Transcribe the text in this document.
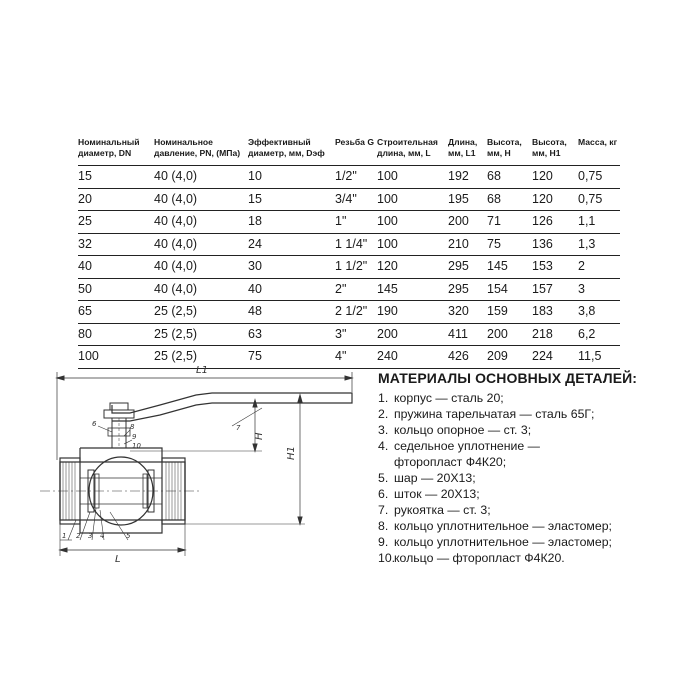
Номинальный диаметр, DN	Номинальное давление, PN, (МПа)	Эффективный диаметр, мм, Dэф	Резьба G	Строительная длина, мм, L	Длина, мм, L1	Высота, мм, H	Высота, мм, H1	Масса, кг
15	40 (4,0)	10	1/2"	100	192	68	120	0,75
20	40 (4,0)	15	3/4"	100	195	68	120	0,75
25	40 (4,0)	18	1"	100	200	71	126	1,1
32	40 (4,0)	24	1 1/4"	100	210	75	136	1,3
40	40 (4,0)	30	1 1/2"	120	295	145	153	2
50	40 (4,0)	40	2"	145	295	154	157	3
65	25 (2,5)	48	2 1/2"	190	320	159	183	3,8
80	25 (2,5)	63	3"	200	411	200	218	6,2
100	25 (2,5)	75	4"	240	426	209	224	11,5
L1
H
H1
L
1 2 3 4	5
6	7
8
9
10
МАТЕРИАЛЫ ОСНОВНЫХ ДЕТАЛЕЙ:
1. корпус — сталь 20;
2. пружина тарельчатая — сталь 65Г;
3. кольцо опорное — ст. 3;
4. седельное уплотнение —
фторопласт Ф4К20;
5. шар — 20Х13;
6. шток — 20Х13;
7. рукоятка — ст. 3;
8. кольцо уплотнительное — эластомер;
9. кольцо уплотнительное — эластомер;
10.кольцо — фторопласт Ф4К20.
